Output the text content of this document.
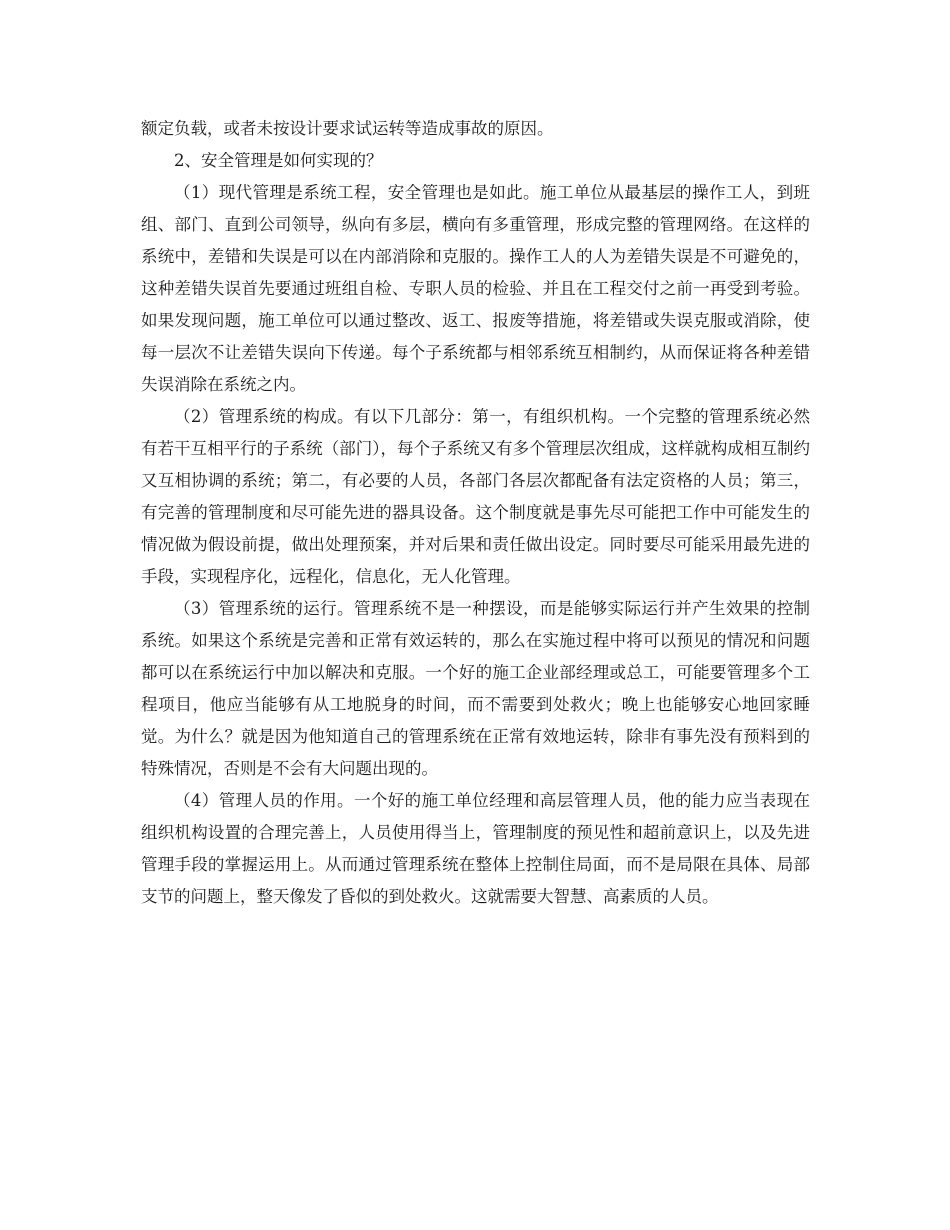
额定负载，或者未按设计要求试运转等造成事故的原因。

2、安全管理是如何实现的？

（1）现代管理是系统工程，安全管理也是如此。施工单位从最基层的操作工人，到班组、部门、直到公司领导，纵向有多层，横向有多重管理，形成完整的管理网络。在这样的系统中，差错和失误是可以在内部消除和克服的。操作工人的人为差错失误是不可避免的，这种差错失误首先要通过班组自检、专职人员的检验、并且在工程交付之前一再受到考验。如果发现问题，施工单位可以通过整改、返工、报废等措施，将差错或失误克服或消除，使每一层次不让差错失误向下传递。每个子系统都与相邻系统互相制约，从而保证将各种差错失误消除在系统之内。

（2）管理系统的构成。有以下几部分：第一，有组织机构。一个完整的管理系统必然有若干互相平行的子系统（部门），每个子系统又有多个管理层次组成，这样就构成相互制约又互相协调的系统；第二，有必要的人员，各部门各层次都配备有法定资格的人员；第三，有完善的管理制度和尽可能先进的器具设备。这个制度就是事先尽可能把工作中可能发生的情况做为假设前提，做出处理预案，并对后果和责任做出设定。同时要尽可能采用最先进的手段，实现程序化，远程化，信息化，无人化管理。

（3）管理系统的运行。管理系统不是一种摆设，而是能够实际运行并产生效果的控制系统。如果这个系统是完善和正常有效运转的，那么在实施过程中将可以预见的情况和问题都可以在系统运行中加以解决和克服。一个好的施工企业部经理或总工，可能要管理多个工程项目，他应当能够有从工地脱身的时间，而不需要到处救火；晚上也能够安心地回家睡觉。为什么？就是因为他知道自己的管理系统在正常有效地运转，除非有事先没有预料到的特殊情况，否则是不会有大问题出现的。

（4）管理人员的作用。一个好的施工单位经理和高层管理人员，他的能力应当表现在组织机构设置的合理完善上，人员使用得当上，管理制度的预见性和超前意识上，以及先进管理手段的掌握运用上。从而通过管理系统在整体上控制住局面，而不是局限在具体、局部支节的问题上，整天像发了昏似的到处救火。这就需要大智慧、高素质的人员。
